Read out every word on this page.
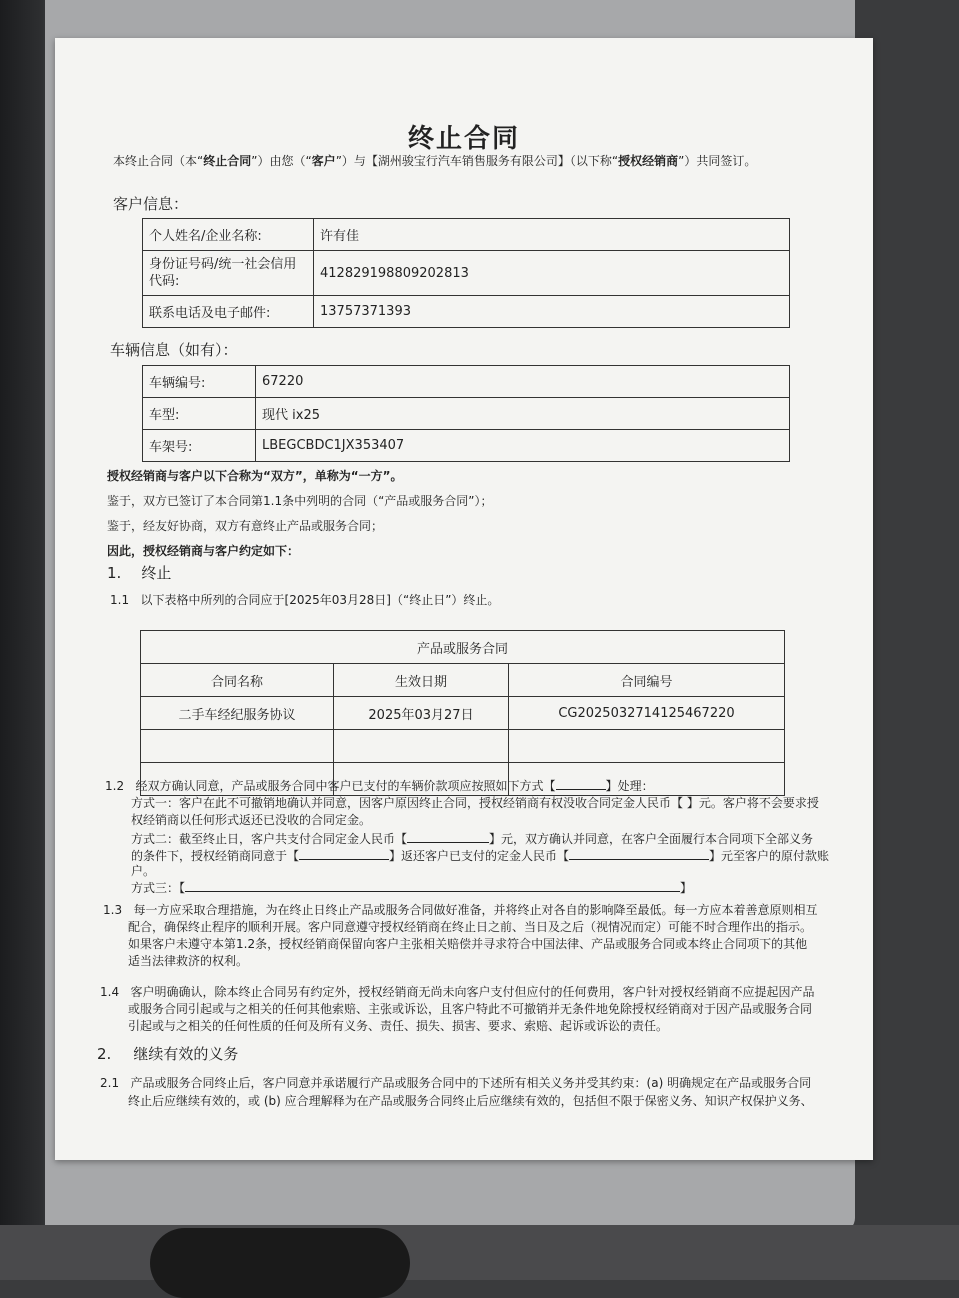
终止合同
本终止合同（本“终止合同”）由您（“客户”）与【湖州骏宝行汽车销售服务有限公司】（以下称“授权经销商”）共同签订。
客户信息：
个人姓名/企业名称:	许有佳
身份证号码/统一社会信用代码:	412829198809202813
联系电话及电子邮件:	13757371393
车辆信息（如有）：
车辆编号:	67220
车型:	现代 ix25
车架号:	LBEGCBDC1JX353407
授权经销商与客户以下合称为“双方”，单称为“一方”。
鉴于，双方已签订了本合同第1.1条中列明的合同（“产品或服务合同”）；
鉴于，经友好协商，双方有意终止产品或服务合同；
因此，授权经销商与客户约定如下：
1. 终止
1.1 以下表格中所列的合同应于[2025年03月28日]（“终止日”）终止。
产品或服务合同		
合同名称	生效日期	合同编号
二手车经纪服务协议	2025年03月27日	CG20250327141254672​20

1.2 经双方确认同意，产品或服务合同中客户已支付的车辆价款项应按照如下方式【	】处理：
方式一：客户在此不可撤销地确认并同意，因客户原因终止合同，授权经销商有权没收合同定金人民币【 】元。客户将不会要求授
权经销商以任何形式返还已没收的合同定金。
方式二：截至终止日，客户共支付合同定金人民币【	】元，双方确认并同意，在客户全面履行本合同项下全部义务
的条件下，授权经销商同意于【	】返还客户已支付的定金人民币【	】元至客户的原付款账
户。
方式三：【	】
1.3 每一方应采取合理措施，为在终止日终止产品或服务合同做好准备，并将终止对各自的影响降至最低。每一方应本着善意原则相互
配合，确保终止程序的顺利开展。客户同意遵守授权经销商在终止日之前、当日及之后（视情况而定）可能不时合理作出的指示。
如果客户未遵守本第1.2条，授权经销商保留向客户主张相关赔偿并寻求符合中国法律、产品或服务合同或本终止合同项下的其他
适当法律救济的权利。
1.4 客户明确确认，除本终止合同另有约定外，授权经销商无尚未向客户支付但应付的任何费用，客户针对授权经销商不应提起因产品
或服务合同引起或与之相关的任何其他索赔、主张或诉讼，且客户特此不可撤销并无条件地免除授权经销商对于因产品或服务合同
引起或与之相关的任何性质的任何及所有义务、责任、损失、损害、要求、索赔、起诉或诉讼的责任。
2. 继续有效的义务
2.1 产品或服务合同终止后，客户同意并承诺履行产品或服务合同中的下述所有相关义务并受其约束：(a) 明确规定在产品或服务合同
终止后应继续有效的，或 (b) 应合理解释为在产品或服务合同终止后应继续有效的，包括但不限于保密义务、知识产权保护义务、
